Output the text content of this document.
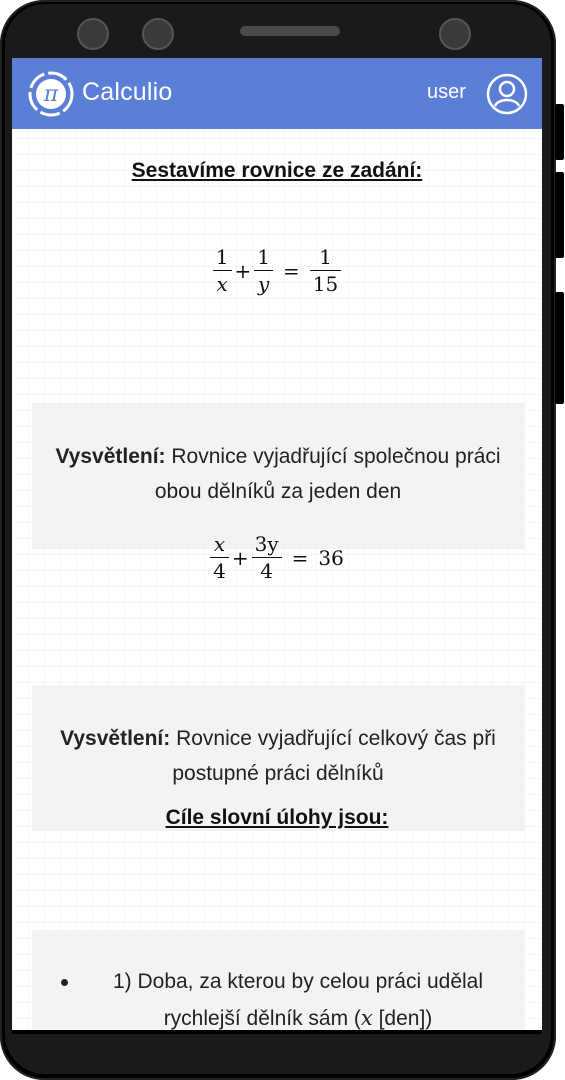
π Calculio	user
Sestavíme rovnice ze zadání:
$\frac{1}{x} + \frac{1}{y} = \frac{1}{15}$
Vysvětlení: Rovnice vyjadřující společnou práci obou dělníků za jeden den
$\frac{x}{4} + \frac{3y}{4} = 36$
Vysvětlení: Rovnice vyjadřující celkový čas při postupné práci dělníků
Cíle slovní úlohy jsou:
1) Doba, za kterou by celou práci udělal rychlejší dělník sám (x [den])
